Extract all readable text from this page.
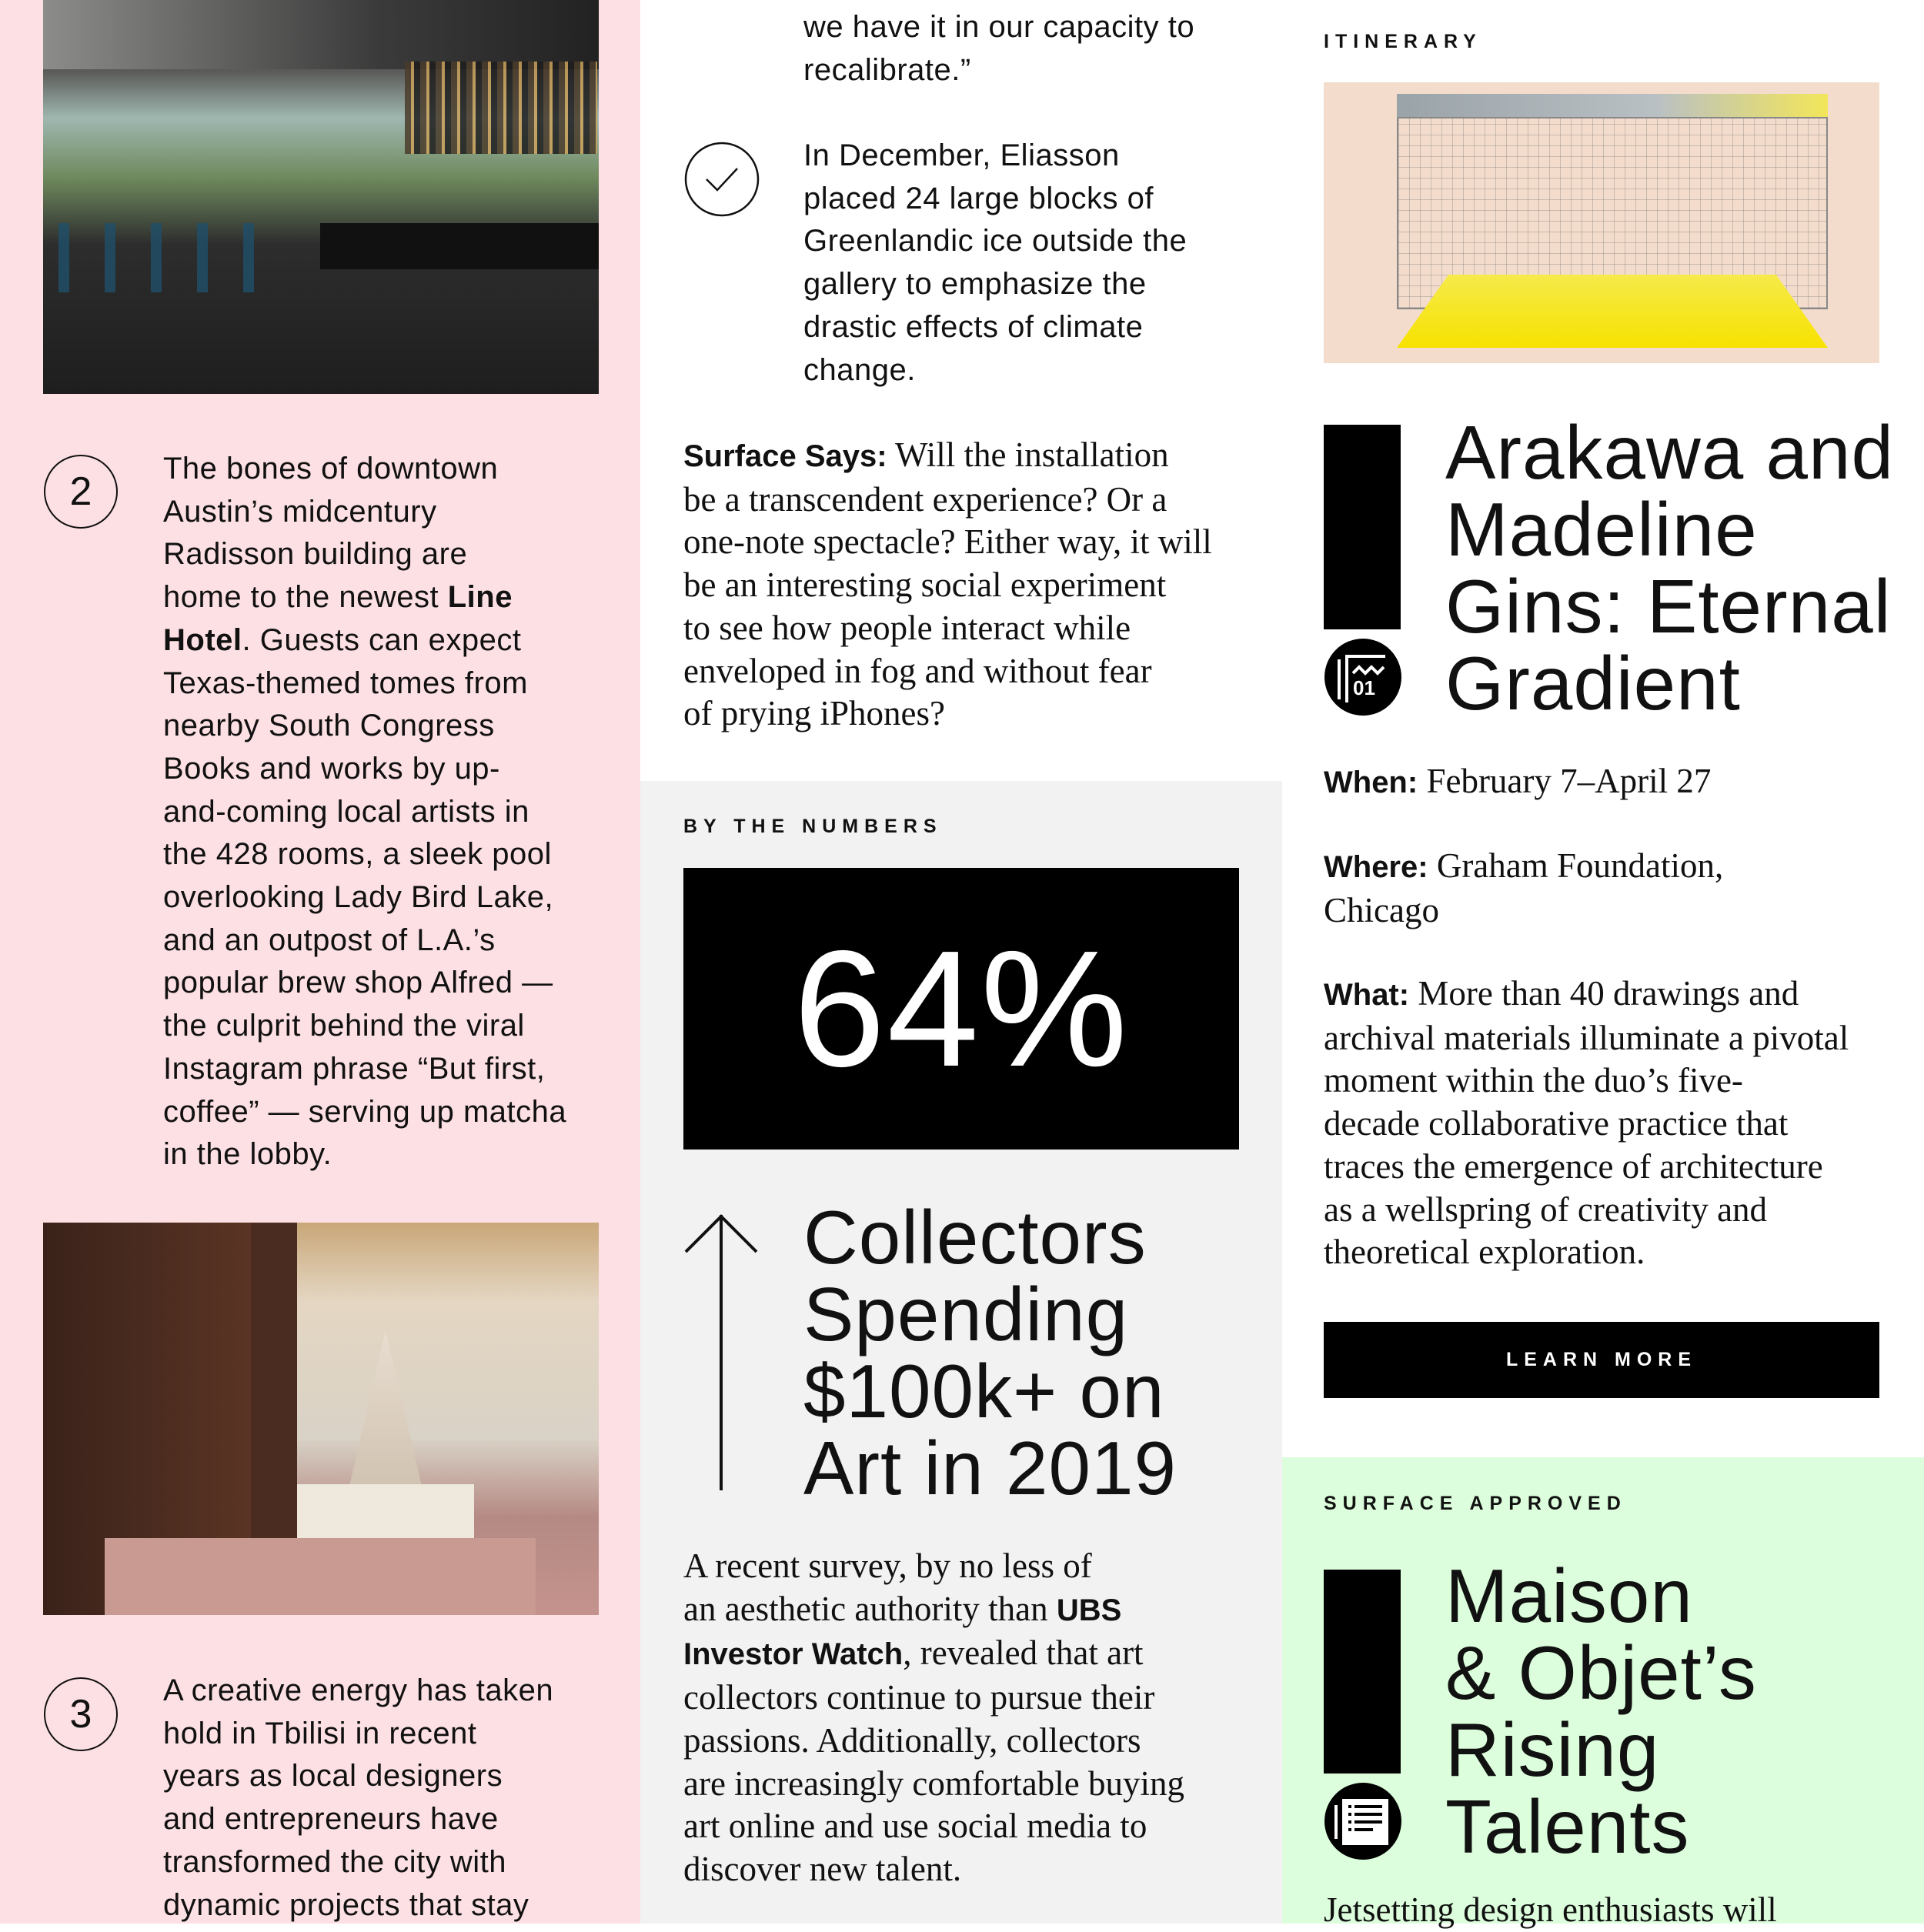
2
The bones of downtown
Austin’s midcentury
Radisson building are
home to the newest Line
Hotel. Guests can expect
Texas-themed tomes from
nearby South Congress
Books and works by up-
and-coming local artists in
the 428 rooms, a sleek pool
overlooking Lady Bird Lake,
and an outpost of L.A.’s
popular brew shop Alfred —
the culprit behind the viral
Instagram phrase “But first,
coffee” — serving up matcha
in the lobby.
3
A creative energy has taken
hold in Tbilisi in recent
years as local designers
and entrepreneurs have
transformed the city with
dynamic projects that stay
we have it in our capacity to
recalibrate.”
In December, Eliasson
placed 24 large blocks of
Greenlandic ice outside the
gallery to emphasize the
drastic effects of climate
change.
Surface Says: Will the installation
be a transcendent experience? Or a
one-note spectacle? Either way, it will
be an interesting social experiment
to see how people interact while
enveloped in fog and without fear
of prying iPhones?
BY THE NUMBERS
64%
Collectors
Spending
$100k+ on
Art in 2019
A recent survey, by no less of
an aesthetic authority than UBS
Investor Watch, revealed that art
collectors continue to pursue their
passions. Additionally, collectors
are increasingly comfortable buying
art online and use social media to
discover new talent.
ITINERARY
01
Arakawa and
Madeline
Gins: Eternal
Gradient
When: February 7–April 27
Where: Graham Foundation,
Chicago
What: More than 40 drawings and
archival materials illuminate a pivotal
moment within the duo’s five-
decade collaborative practice that
traces the emergence of architecture
as a wellspring of creativity and
theoretical exploration.
LEARN MORE
SURFACE APPROVED
Maison
& Objet’s
Rising
Talents
Jetsetting design enthusiasts will
